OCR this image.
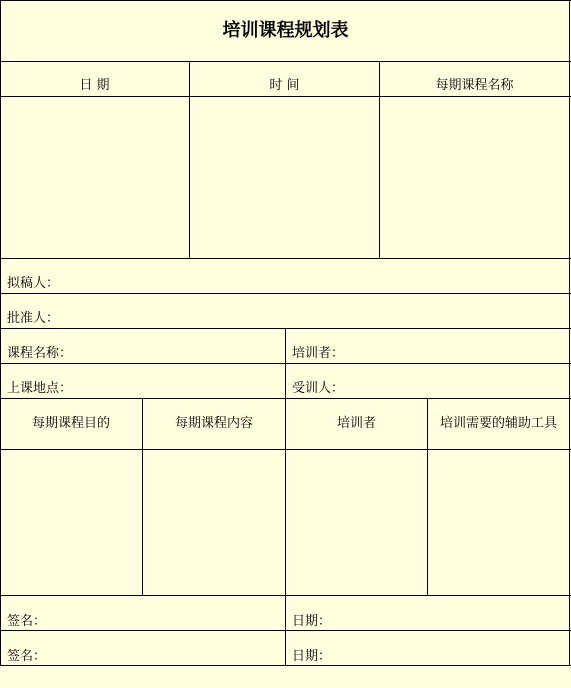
培训课程规划表
日 期	时 间	每期课程名称
拟稿人：
批准人：
课程名称：	培训者：
上课地点：	受训人：
每期课程目的	每期课程内容	培训者	培训需要的辅助工具
签名：	日期：
签名：	日期：
